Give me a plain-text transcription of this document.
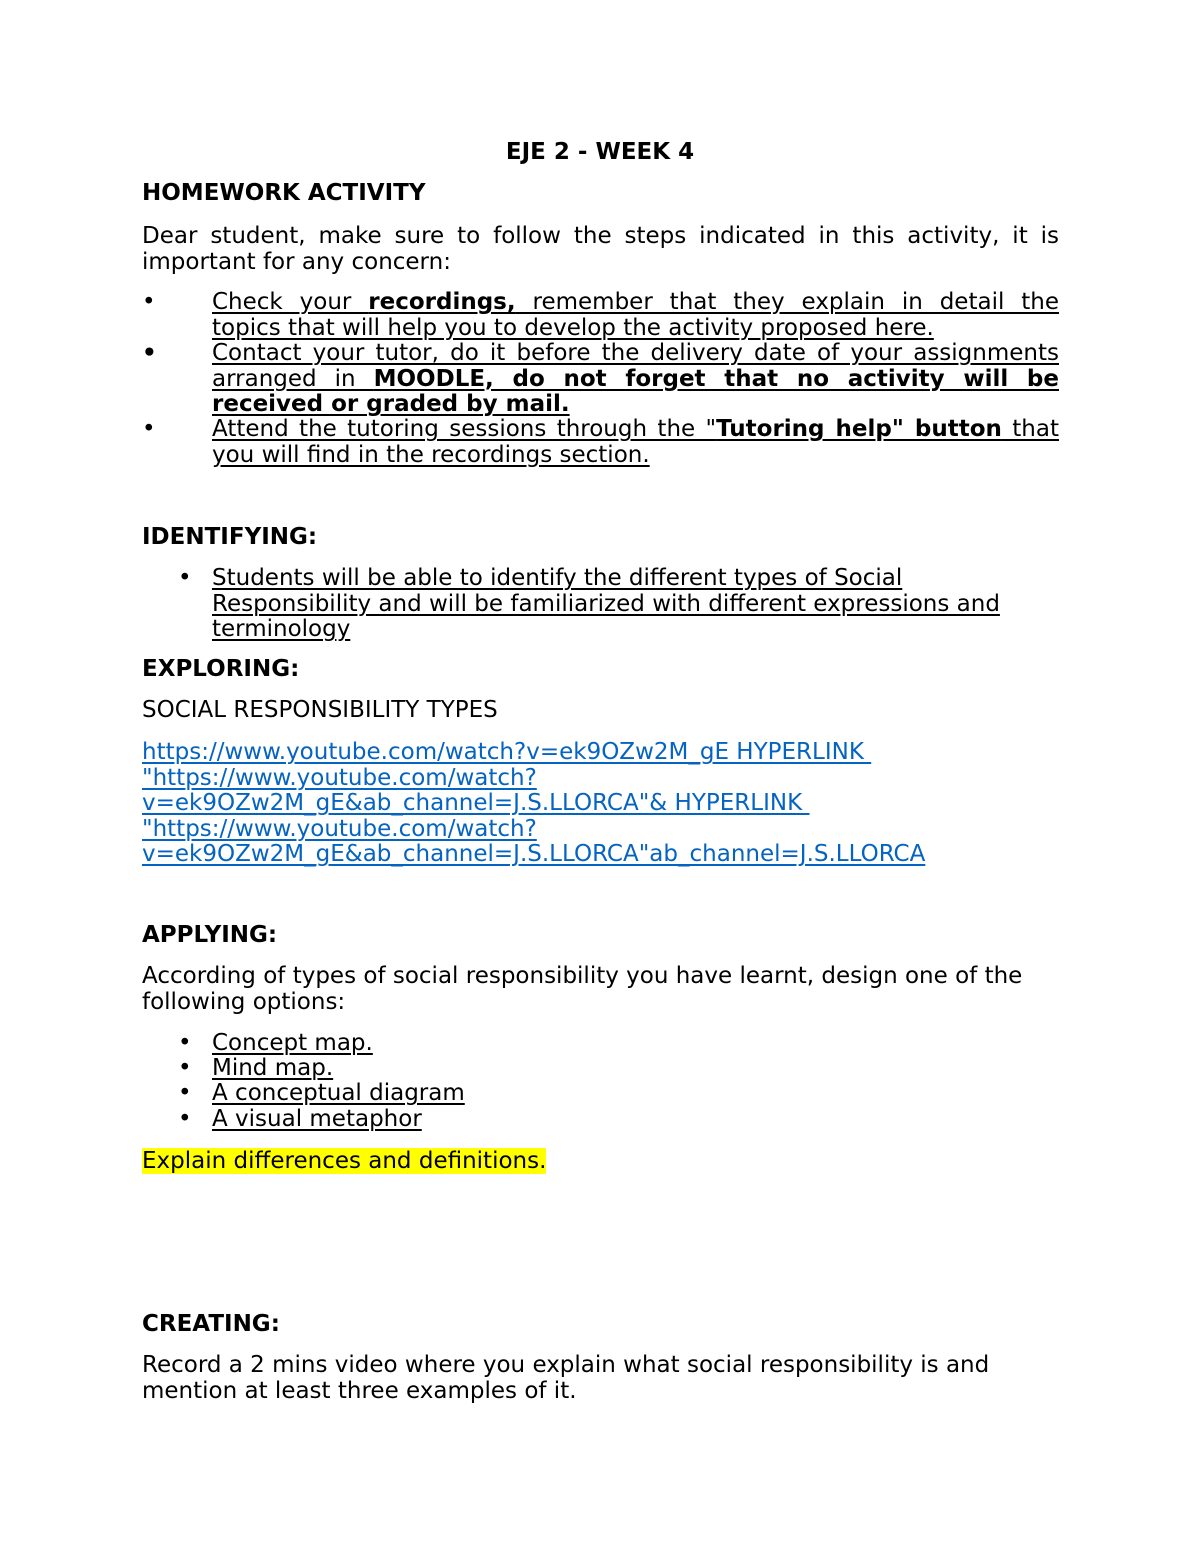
EJE 2 - WEEK 4

HOMEWORK ACTIVITY

Dear student, make sure to follow the steps indicated in this activity, it is
important for any concern:
• Check your recordings, remember that they explain in detail the
topics that will help you to develop the activity proposed here.
• Contact your tutor, do it before the delivery date of your assignments
arranged in MOODLE, do not forget that no activity will be
received or graded by mail.
• Attend the tutoring sessions through the "Tutoring help" button that
you will find in the recordings section.

IDENTIFYING:

• Students will be able to identify the different types of Social
Responsibility and will be familiarized with different expressions and
terminology

EXPLORING:

SOCIAL RESPONSIBILITY TYPES

https://www.youtube.com/watch?v=ek9OZw2M_gE HYPERLINK
"https://www.youtube.com/watch?
v=ek9OZw2M_gE&ab_channel=J.S.LLORCA"& HYPERLINK
"https://www.youtube.com/watch?
v=ek9OZw2M_gE&ab_channel=J.S.LLORCA"ab_channel=J.S.LLORCA

APPLYING:

According of types of social responsibility you have learnt, design one of the
following options:
• Concept map.

• Mind map.

• A conceptual diagram

• A visual metaphor

Explain differences and definitions.

CREATING:

Record a 2 mins video where you explain what social responsibility is and
mention at least three examples of it.
